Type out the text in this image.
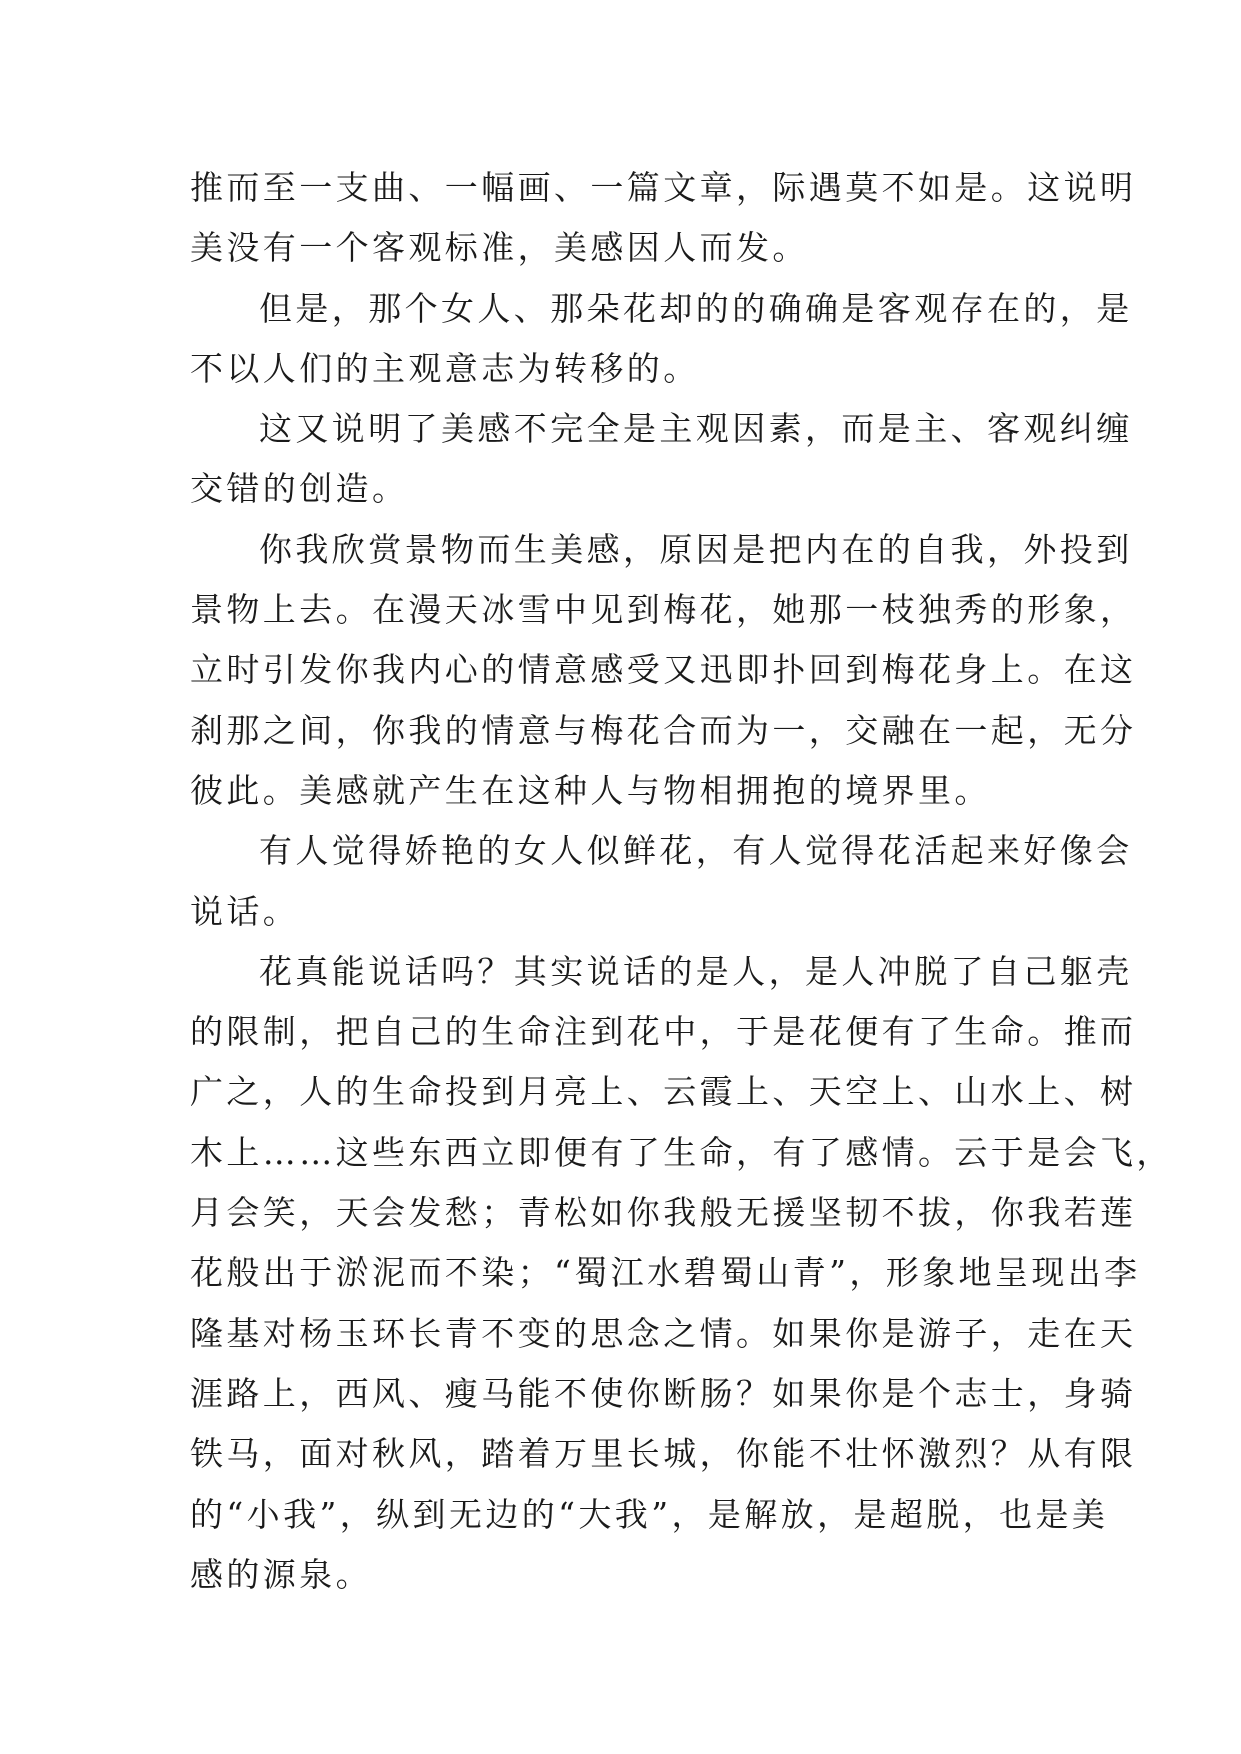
推而至一支曲、一幅画、一篇文章，际遇莫不如是。这说明
美没有一个客观标准，美感因人而发。
但是，那个女人、那朵花却的的确确是客观存在的，是
不以人们的主观意志为转移的。
这又说明了美感不完全是主观因素，而是主、客观纠缠
交错的创造。
你我欣赏景物而生美感，原因是把内在的自我，外投到
景物上去。在漫天冰雪中见到梅花，她那一枝独秀的形象，
立时引发你我内心的情意感受又迅即扑回到梅花身上。在这
刹那之间，你我的情意与梅花合而为一，交融在一起，无分
彼此。美感就产生在这种人与物相拥抱的境界里。
有人觉得娇艳的女人似鲜花，有人觉得花活起来好像会
说话。
花真能说话吗？其实说话的是人，是人冲脱了自己躯壳
的限制，把自己的生命注到花中，于是花便有了生命。推而
广之，人的生命投到月亮上、云霞上、天空上、山水上、树
木上……这些东西立即便有了生命，有了感情。云于是会飞，
月会笑，天会发愁；青松如你我般无援坚韧不拔，你我若莲
花般出于淤泥而不染；“蜀江水碧蜀山青”，形象地呈现出李
隆基对杨玉环长青不变的思念之情。如果你是游子，走在天
涯路上，西风、瘦马能不使你断肠？如果你是个志士，身骑
铁马，面对秋风，踏着万里长城，你能不壮怀激烈？从有限
的“小我”，纵到无边的“大我”，是解放，是超脱，也是美
感的源泉。
